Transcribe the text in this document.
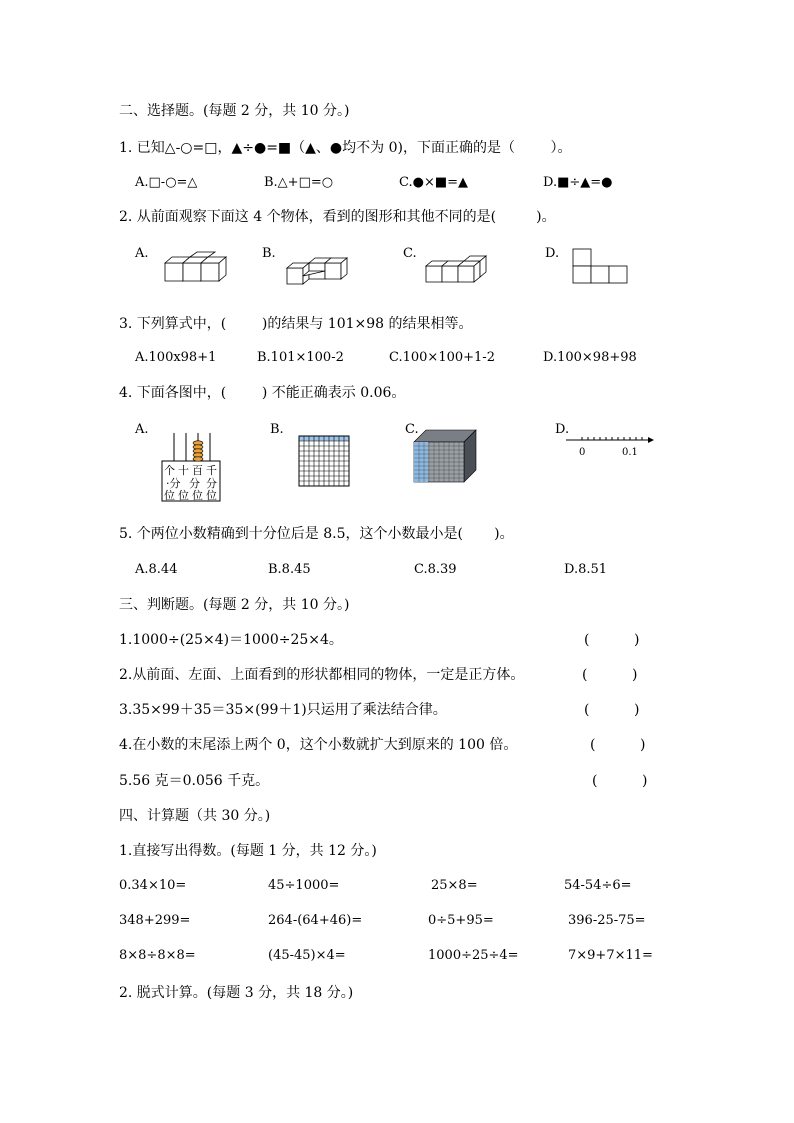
二、选择题。(每题 2 分，共 10 分。)
1. 已知△-○=□，▲÷●=■（▲、●均不为 0)，下面正确的是（        ）。
A.□-○=△	B.△+□=○	C.●×■=▲	D.■÷▲=●
2. 从前面观察下面这 4 个物体，看到的图形和其他不同的是(         )。
A.	B.	C.	D.
3. 下列算式中，(        )的结果与 101×98 的结果相等。
A.100x98+1	B.101×100-2	C.100×100+1-2	D.100×98+98
4. 下面各图中，(        ) 不能正确表示 0.06。
A.	B.	C.	D.
个 十 百 千
·分 分 分
位 位 位 位
0	0.1
5. 个两位小数精确到十分位后是 8.5，这个小数最小是(       )。
A.8.44	B.8.45	C.8.39	D.8.51
三、判断题。(每题 2 分，共 10 分。)
1.1000÷(25×4)＝1000÷25×4。	(          )
2.从前面、左面、上面看到的形状都相同的物体，一定是正方体。	(          )
3.35×99＋35＝35×(99＋1)只运用了乘法结合律。	(          )
4.在小数的末尾添上两个 0，这个小数就扩大到原来的 100 倍。	(          )
5.56 克＝0.056 千克。	(          )
四、计算题（共 30 分。)
1.直接写出得数。(每题 1 分，共 12 分。)
0.34×10=	45÷1000=	25×8=	54-54÷6=
348+299=	264-(64+46)=	0÷5+95=	396-25-75=
8×8÷8×8=	(45-45)×4=	1000÷25÷4=	7×9+7×11=
2. 脱式计算。(每题 3 分，共 18 分。)
